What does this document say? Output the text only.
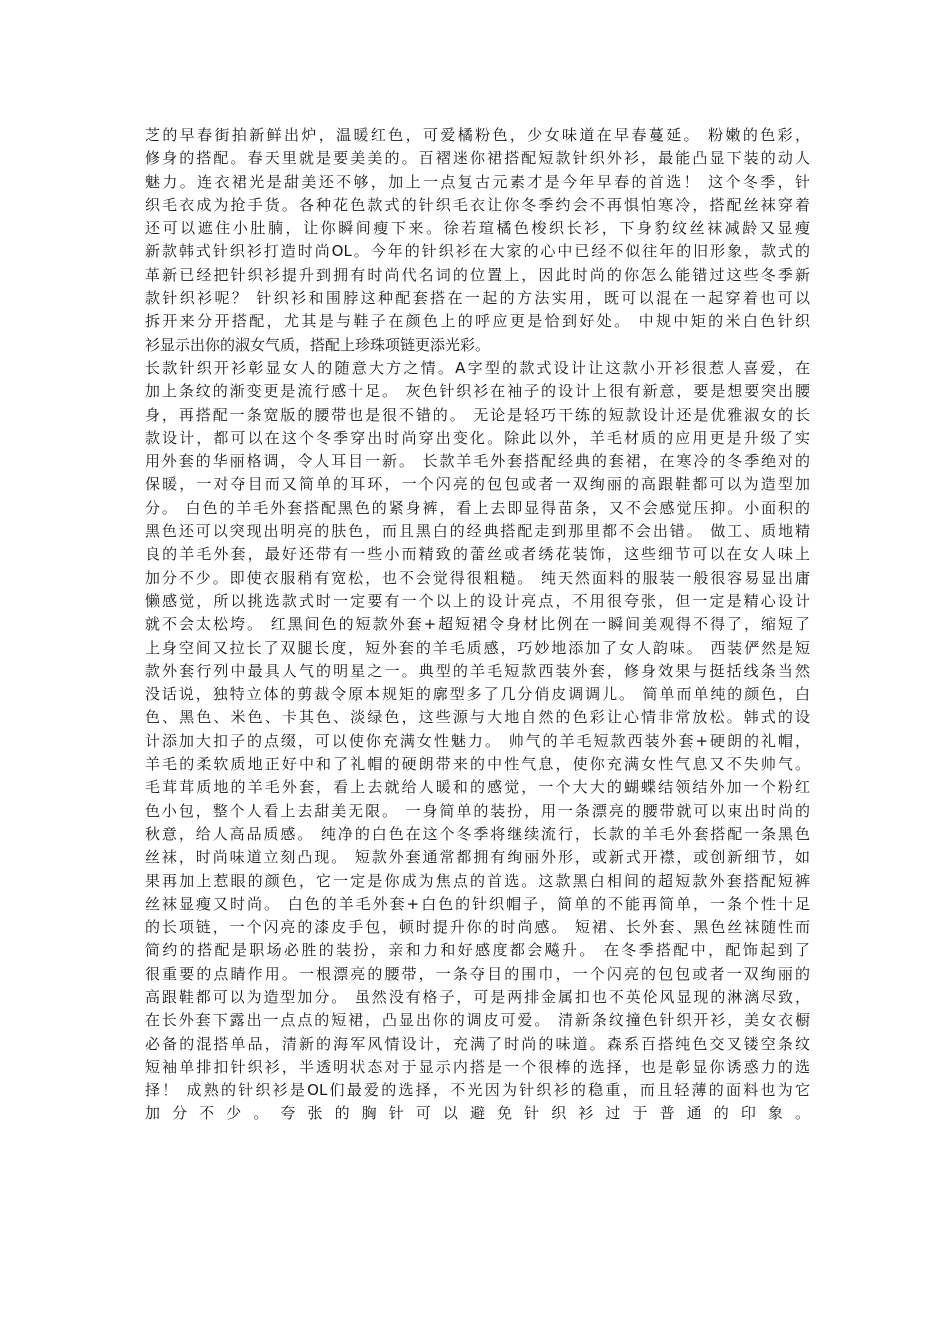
芝的早春街拍新鲜出炉，温暖红色，可爱橘粉色，少女味道在早春蔓延。 粉嫩的色彩，
修身的搭配。春天里就是要美美的。百褶迷你裙搭配短款针织外衫，最能凸显下装的动人
魅力。连衣裙光是甜美还不够，加上一点复古元素才是今年早春的首选！ 这个冬季，针
织毛衣成为抢手货。各种花色款式的针织毛衣让你冬季约会不再惧怕寒冷，搭配丝袜穿着
还可以遮住小肚腩，让你瞬间瘦下来。徐若瑄橘色梭织长衫，下身豹纹丝袜减龄又显瘦
新款韩式针织衫打造时尚OL。今年的针织衫在大家的心中已经不似往年的旧形象，款式的
革新已经把针织衫提升到拥有时尚代名词的位置上，因此时尚的你怎么能错过这些冬季新
款针织衫呢？ 针织衫和围脖这种配套搭在一起的方法实用，既可以混在一起穿着也可以
拆开来分开搭配，尤其是与鞋子在颜色上的呼应更是恰到好处。 中规中矩的米白色针织
衫显示出你的淑女气质，搭配上珍珠项链更添光彩。
长款针织开衫彰显女人的随意大方之情。A字型的款式设计让这款小开衫很惹人喜爱，在
加上条纹的渐变更是流行感十足。 灰色针织衫在袖子的设计上很有新意，要是想要突出腰
身，再搭配一条宽版的腰带也是很不错的。 无论是轻巧干练的短款设计还是优雅淑女的长
款设计，都可以在这个冬季穿出时尚穿出变化。除此以外，羊毛材质的应用更是升级了实
用外套的华丽格调，令人耳目一新。 长款羊毛外套搭配经典的套裙，在寒冷的冬季绝对的
保暖，一对夺目而又简单的耳环，一个闪亮的包包或者一双绚丽的高跟鞋都可以为造型加
分。 白色的羊毛外套搭配黑色的紧身裤，看上去即显得苗条，又不会感觉压抑。小面积的
黑色还可以突现出明亮的肤色，而且黑白的经典搭配走到那里都不会出错。 做工、质地精
良的羊毛外套，最好还带有一些小而精致的蕾丝或者绣花装饰，这些细节可以在女人味上
加分不少。即使衣服稍有宽松，也不会觉得很粗糙。 纯天然面料的服装一般很容易显出庸
懒感觉，所以挑选款式时一定要有一个以上的设计亮点，不用很夸张，但一定是精心设计
就不会太松垮。 红黑间色的短款外套+超短裙令身材比例在一瞬间美观得不得了，缩短了
上身空间又拉长了双腿长度，短外套的羊毛质感，巧妙地添加了女人韵味。 西装俨然是短
款外套行列中最具人气的明星之一。典型的羊毛短款西装外套，修身效果与挺括线条当然
没话说，独特立体的剪裁令原本规矩的廓型多了几分俏皮调调儿。 简单而单纯的颜色，白
色、黑色、米色、卡其色、淡绿色，这些源与大地自然的色彩让心情非常放松。韩式的设
计添加大扣子的点缀，可以使你充满女性魅力。 帅气的羊毛短款西装外套+硬朗的礼帽，
羊毛的柔软质地正好中和了礼帽的硬朗带来的中性气息，使你充满女性气息又不失帅气。
毛茸茸质地的羊毛外套，看上去就给人暖和的感觉，一个大大的蝴蝶结领结外加一个粉红
色小包，整个人看上去甜美无限。 一身简单的装扮，用一条漂亮的腰带就可以束出时尚的
秋意，给人高品质感。 纯净的白色在这个冬季将继续流行，长款的羊毛外套搭配一条黑色
丝袜，时尚味道立刻凸现。 短款外套通常都拥有绚丽外形，或新式开襟，或创新细节，如
果再加上惹眼的颜色，它一定是你成为焦点的首选。这款黑白相间的超短款外套搭配短裤
丝袜显瘦又时尚。 白色的羊毛外套+白色的针织帽子，简单的不能再简单，一条个性十足
的长项链，一个闪亮的漆皮手包，顿时提升你的时尚感。 短裙、长外套、黑色丝袜随性而
简约的搭配是职场必胜的装扮，亲和力和好感度都会飚升。 在冬季搭配中，配饰起到了
很重要的点睛作用。一根漂亮的腰带，一条夺目的围巾，一个闪亮的包包或者一双绚丽的
高跟鞋都可以为造型加分。 虽然没有格子，可是两排金属扣也不英伦风显现的淋漓尽致，
在长外套下露出一点点的短裙，凸显出你的调皮可爱。 清新条纹撞色针织开衫，美女衣橱
必备的混搭单品，清新的海军风情设计，充满了时尚的味道。森系百搭纯色交叉镂空条纹
短袖单排扣针织衫，半透明状态对于显示内搭是一个很棒的选择，也是彰显你诱惑力的选
择！ 成熟的针织衫是OL们最爱的选择，不光因为针织衫的稳重，而且轻薄的面料也为它
加分不少。夸张的胸针可以避免针织衫过于普通的印象。
